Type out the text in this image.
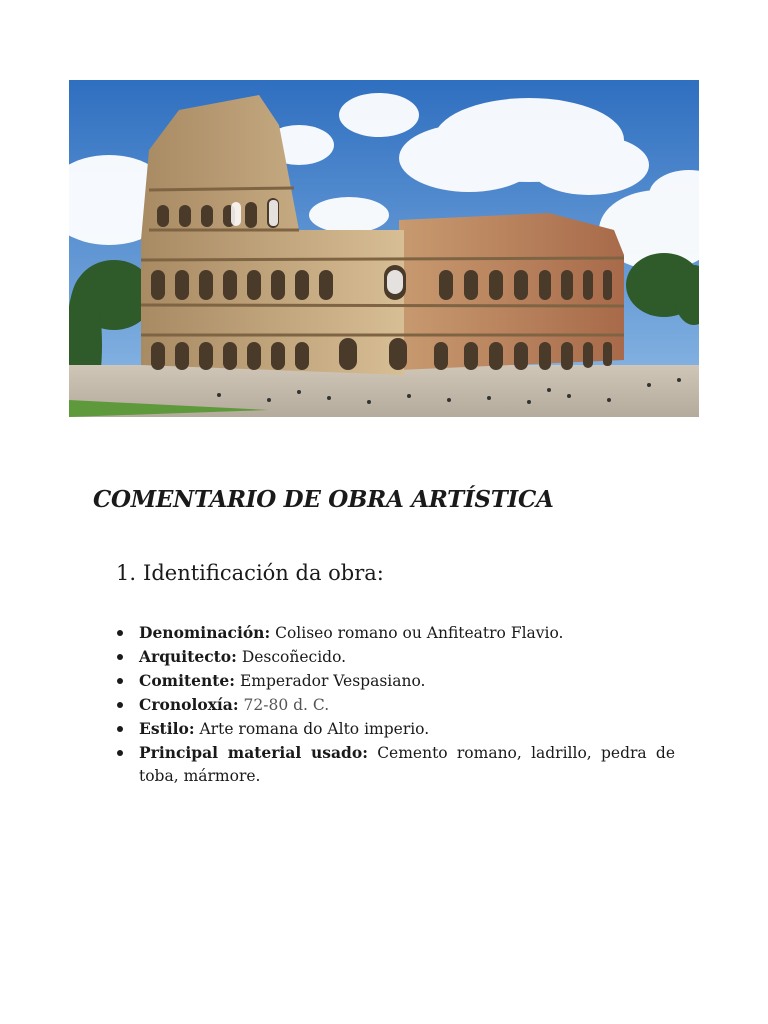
COMENTARIO DE OBRA ARTÍSTICA
1. Identificación da obra:
Denominación: Coliseo romano ou Anfiteatro Flavio.
Arquitecto: Descoñecido.
Comitente: Emperador Vespasiano.
Cronoloxía: 72-80 d. C.
Estilo: Arte romana do Alto imperio.
Principal material usado: Cemento romano, ladrillo, pedra de toba, mármore.
